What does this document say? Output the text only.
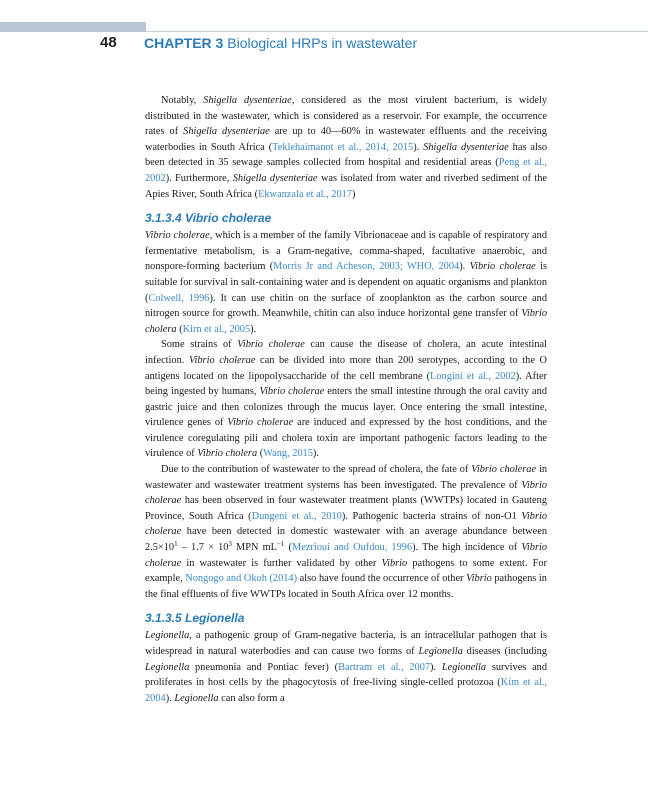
48 CHAPTER 3 Biological HRPs in wastewater

Notably, Shigella dysenteriae, considered as the most virulent bacterium, is widely distributed in the wastewater, which is considered as a reservoir. For example, the occurrence rates of Shigella dysenteriae are up to 40—60% in wastewater effluents and the receiving waterbodies in South Africa (Teklehaimanot et al., 2014, 2015). Shigella dysenteriae has also been detected in 35 sewage samples collected from hospital and residential areas (Peng et al., 2002). Furthermore, Shigella dysenteriae was isolated from water and riverbed sediment of the Apies River, South Africa (Ekwanzala et al., 2017)

3.1.3.4 Vibrio cholerae

Vibrio cholerae, which is a member of the family Vibrionaceae and is capable of respiratory and fermentative metabolism, is a Gram-negative, comma-shaped, facultative anaerobic, and nonspore-forming bacterium (Morris Jr and Acheson, 2003; WHO, 2004). Vibrio cholerae is suitable for survival in salt-containing water and is dependent on aquatic organisms and plankton (Colwell, 1996). It can use chitin on the surface of zooplankton as the carbon source and nitrogen source for growth. Meanwhile, chitin can also induce horizontal gene transfer of Vibrio cholera (Kirn et al., 2005).

Some strains of Vibrio cholerae can cause the disease of cholera, an acute intestinal infection. Vibrio cholerae can be divided into more than 200 serotypes, according to the O antigens located on the lipopolysaccharide of the cell membrane (Longini et al., 2002). After being ingested by humans, Vibrio cholerae enters the small intestine through the oral cavity and gastric juice and then colonizes through the mucus layer. Once entering the small intestine, virulence genes of Vibrio cholerae are induced and expressed by the host conditions, and the virulence coregulating pili and cholera toxin are important pathogenic factors leading to the virulence of Vibrio cholera (Wang, 2015).

Due to the contribution of wastewater to the spread of cholera, the fate of Vibrio cholerae in wastewater and wastewater treatment systems has been investigated. The prevalence of Vibrio cholerae has been observed in four wastewater treatment plants (WWTPs) located in Gauteng Province, South Africa (Dungeni et al., 2010). Pathogenic bacteria strains of non-O1 Vibrio cholerae have been detected in domestic wastewater with an average abundance between $2.5\times 10^1 - 1.7 \times 10^3$ MPN $mL^{-1}$ (Mezrioui and Oufdou, 1996). The high incidence of Vibrio cholerae in wastewater is further validated by other Vibrio pathogens to some extent. For example, Nongogo and Okoh (2014) also have found the occurrence of other Vibrio pathogens in the final effluents of five WWTPs located in South Africa over 12 months.

3.1.3.5 Legionella

Legionella, a pathogenic group of Gram-negative bacteria, is an intracellular pathogen that is widespread in natural waterbodies and can cause two forms of Legionella diseases (including Legionella pneumonia and Pontiac fever) (Bartram et al., 2007). Legionella survives and proliferates in host cells by the phagocytosis of free-living single-celled protozoa (Kim et al., 2004). Legionella can also form a
